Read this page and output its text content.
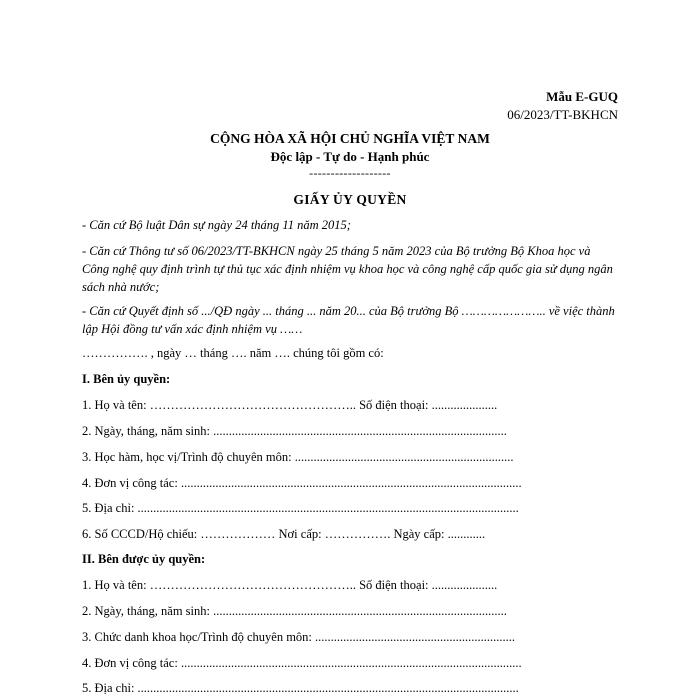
Mẫu E-GUQ
06/2023/TT-BKHCN
CỘNG HÒA XÃ HỘI CHỦ NGHĨA VIỆT NAM
Độc lập - Tự do - Hạnh phúc
-------------------
GIẤY ỦY QUYỀN
- Căn cứ Bộ luật Dân sự ngày 24 tháng 11 năm 2015;
- Căn cứ Thông tư số 06/2023/TT-BKHCN ngày 25 tháng 5 năm 2023 của Bộ trưởng Bộ Khoa học và Công nghệ quy định trình tự thủ tục xác định nhiệm vụ khoa học và công nghệ cấp quốc gia sử dụng ngân sách nhà nước;
- Căn cứ Quyết định số .../QĐ ngày ... tháng ... năm 20... của Bộ trưởng Bộ ………………….. về việc thành lập Hội đồng tư vấn xác định nhiệm vụ ……
……………. , ngày … tháng …. năm …. chúng tôi gồm có:
I. Bên ủy quyền:
1. Họ và tên: ………………………………………….. Số điện thoại: .....................
2. Ngày, tháng, năm sinh: ..............................................................................................
3. Học hàm, học vị/Trình độ chuyên môn: ......................................................................
4. Đơn vị công tác: .............................................................................................................
5. Địa chỉ: ..........................................................................................................................
6. Số CCCD/Hộ chiếu: ……………… Nơi cấp: ……………. Ngày cấp: ............
II. Bên được ủy quyền:
1. Họ và tên: ………………………………………….. Số điện thoại: .....................
2. Ngày, tháng, năm sinh: ..............................................................................................
3. Chức danh khoa học/Trình độ chuyên môn: ................................................................
4. Đơn vị công tác: .............................................................................................................
5. Địa chỉ: ..........................................................................................................................
